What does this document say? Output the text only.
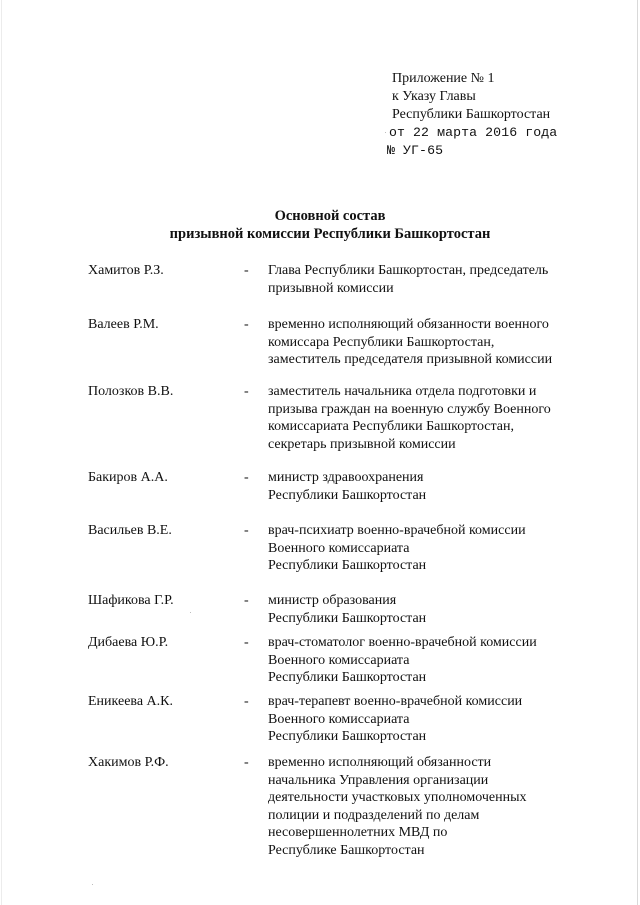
Приложение № 1
к Указу Главы
Республики Башкортостан
от 22 марта 2016 года
№ УГ-65
Основной состав
призывной комиссии Республики Башкортостан
Хамитов Р.З.	- Глава Республики Башкортостан, председатель
призывной комиссии
Валеев Р.М.	- временно исполняющий обязанности военного
комиссара Республики Башкортостан,
заместитель председателя призывной комиссии
Полозков В.В.	- заместитель начальника отдела подготовки и
призыва граждан на военную службу Военного
комиссариата Республики Башкортостан,
секретарь призывной комиссии
Бакиров А.А.	- министр здравоохранения
Республики Башкортостан
Васильев В.Е.	- врач-психиатр военно-врачебной комиссии
Военного комиссариата
Республики Башкортостан
Шафикова Г.Р.	- министр образования
Республики Башкортостан
Дибаева Ю.Р.	- врач-стоматолог военно-врачебной комиссии
Военного комиссариата
Республики Башкортостан
Еникеева А.К.	- врач-терапевт военно-врачебной комиссии
Военного комиссариата
Республики Башкортостан
Хакимов Р.Ф.	- временно исполняющий обязанности
начальника Управления организации
деятельности участковых уполномоченных
полиции и подразделений по делам
несовершеннолетних МВД по
Республике Башкортостан
